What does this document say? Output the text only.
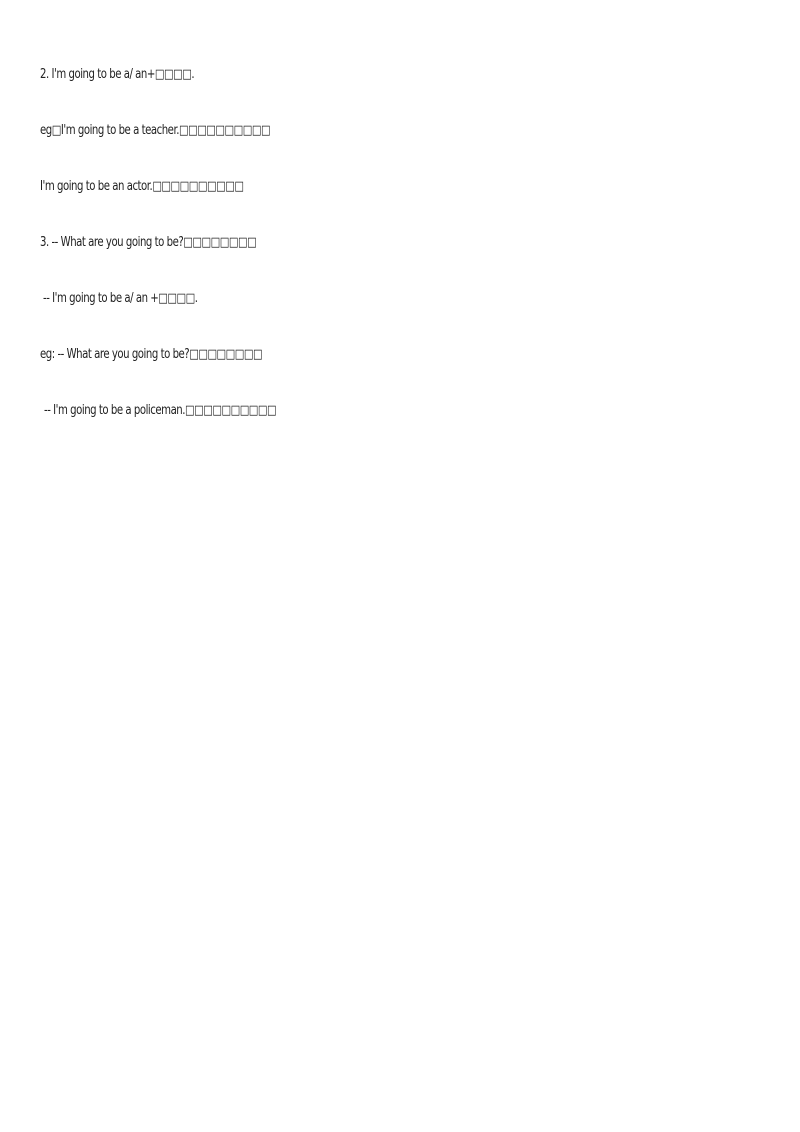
2. I'm going to be a/ an+□□□□.
eg□I'm going to be a teacher.□□□□□□□□□□
I'm going to be an actor.□□□□□□□□□□
3. -- What are you going to be?□□□□□□□□
-- I'm going to be a/ an +□□□□.
eg: -- What are you going to be?□□□□□□□□
-- I'm going to be a policeman.□□□□□□□□□□
